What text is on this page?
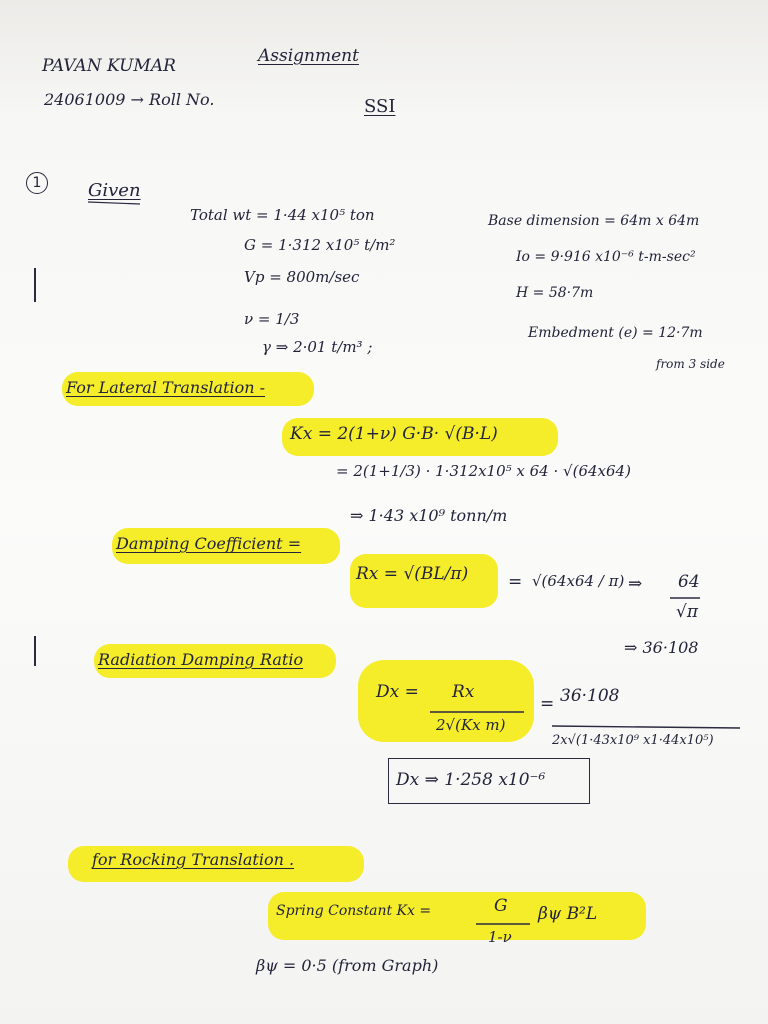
PAVAN KUMAR
24061009 → Roll No.
Assignment
SSI
1	Given
Total wt = 1·44 x10⁵ ton
G = 1·312 x10⁵ t/m²
Vp = 800m/sec
ν = 1/3
γ ⇒ 2·01 t/m³ ;
Base dimension = 64m x 64m
Io = 9·916 x10⁻⁶ t-m-sec²
H = 58·7m
Embedment (e) = 12·7m
from 3 side
For Lateral Translation -
Kx = 2(1+ν) G·B· √(B·L)
= 2(1+1/3) · 1·312x10⁵ x 64 · √(64x64)
⇒ 1·43 x10⁹ tonn/m
Damping Coefficient =
Rx = √(BL/π) = √(64x64 / π) ⇒ 64
√π
⇒ 36·108
Radiation Damping Ratio
Dx = Rx
2√(Kx m)
= 36·108
2x√(1·43x10⁹ x1·44x10⁵)
Dx ⇒ 1·258 x10⁻⁶
for Rocking Translation .
Spring Constant Kx =	G
1-ν
βψ B²L
βψ = 0·5 (from Graph)
